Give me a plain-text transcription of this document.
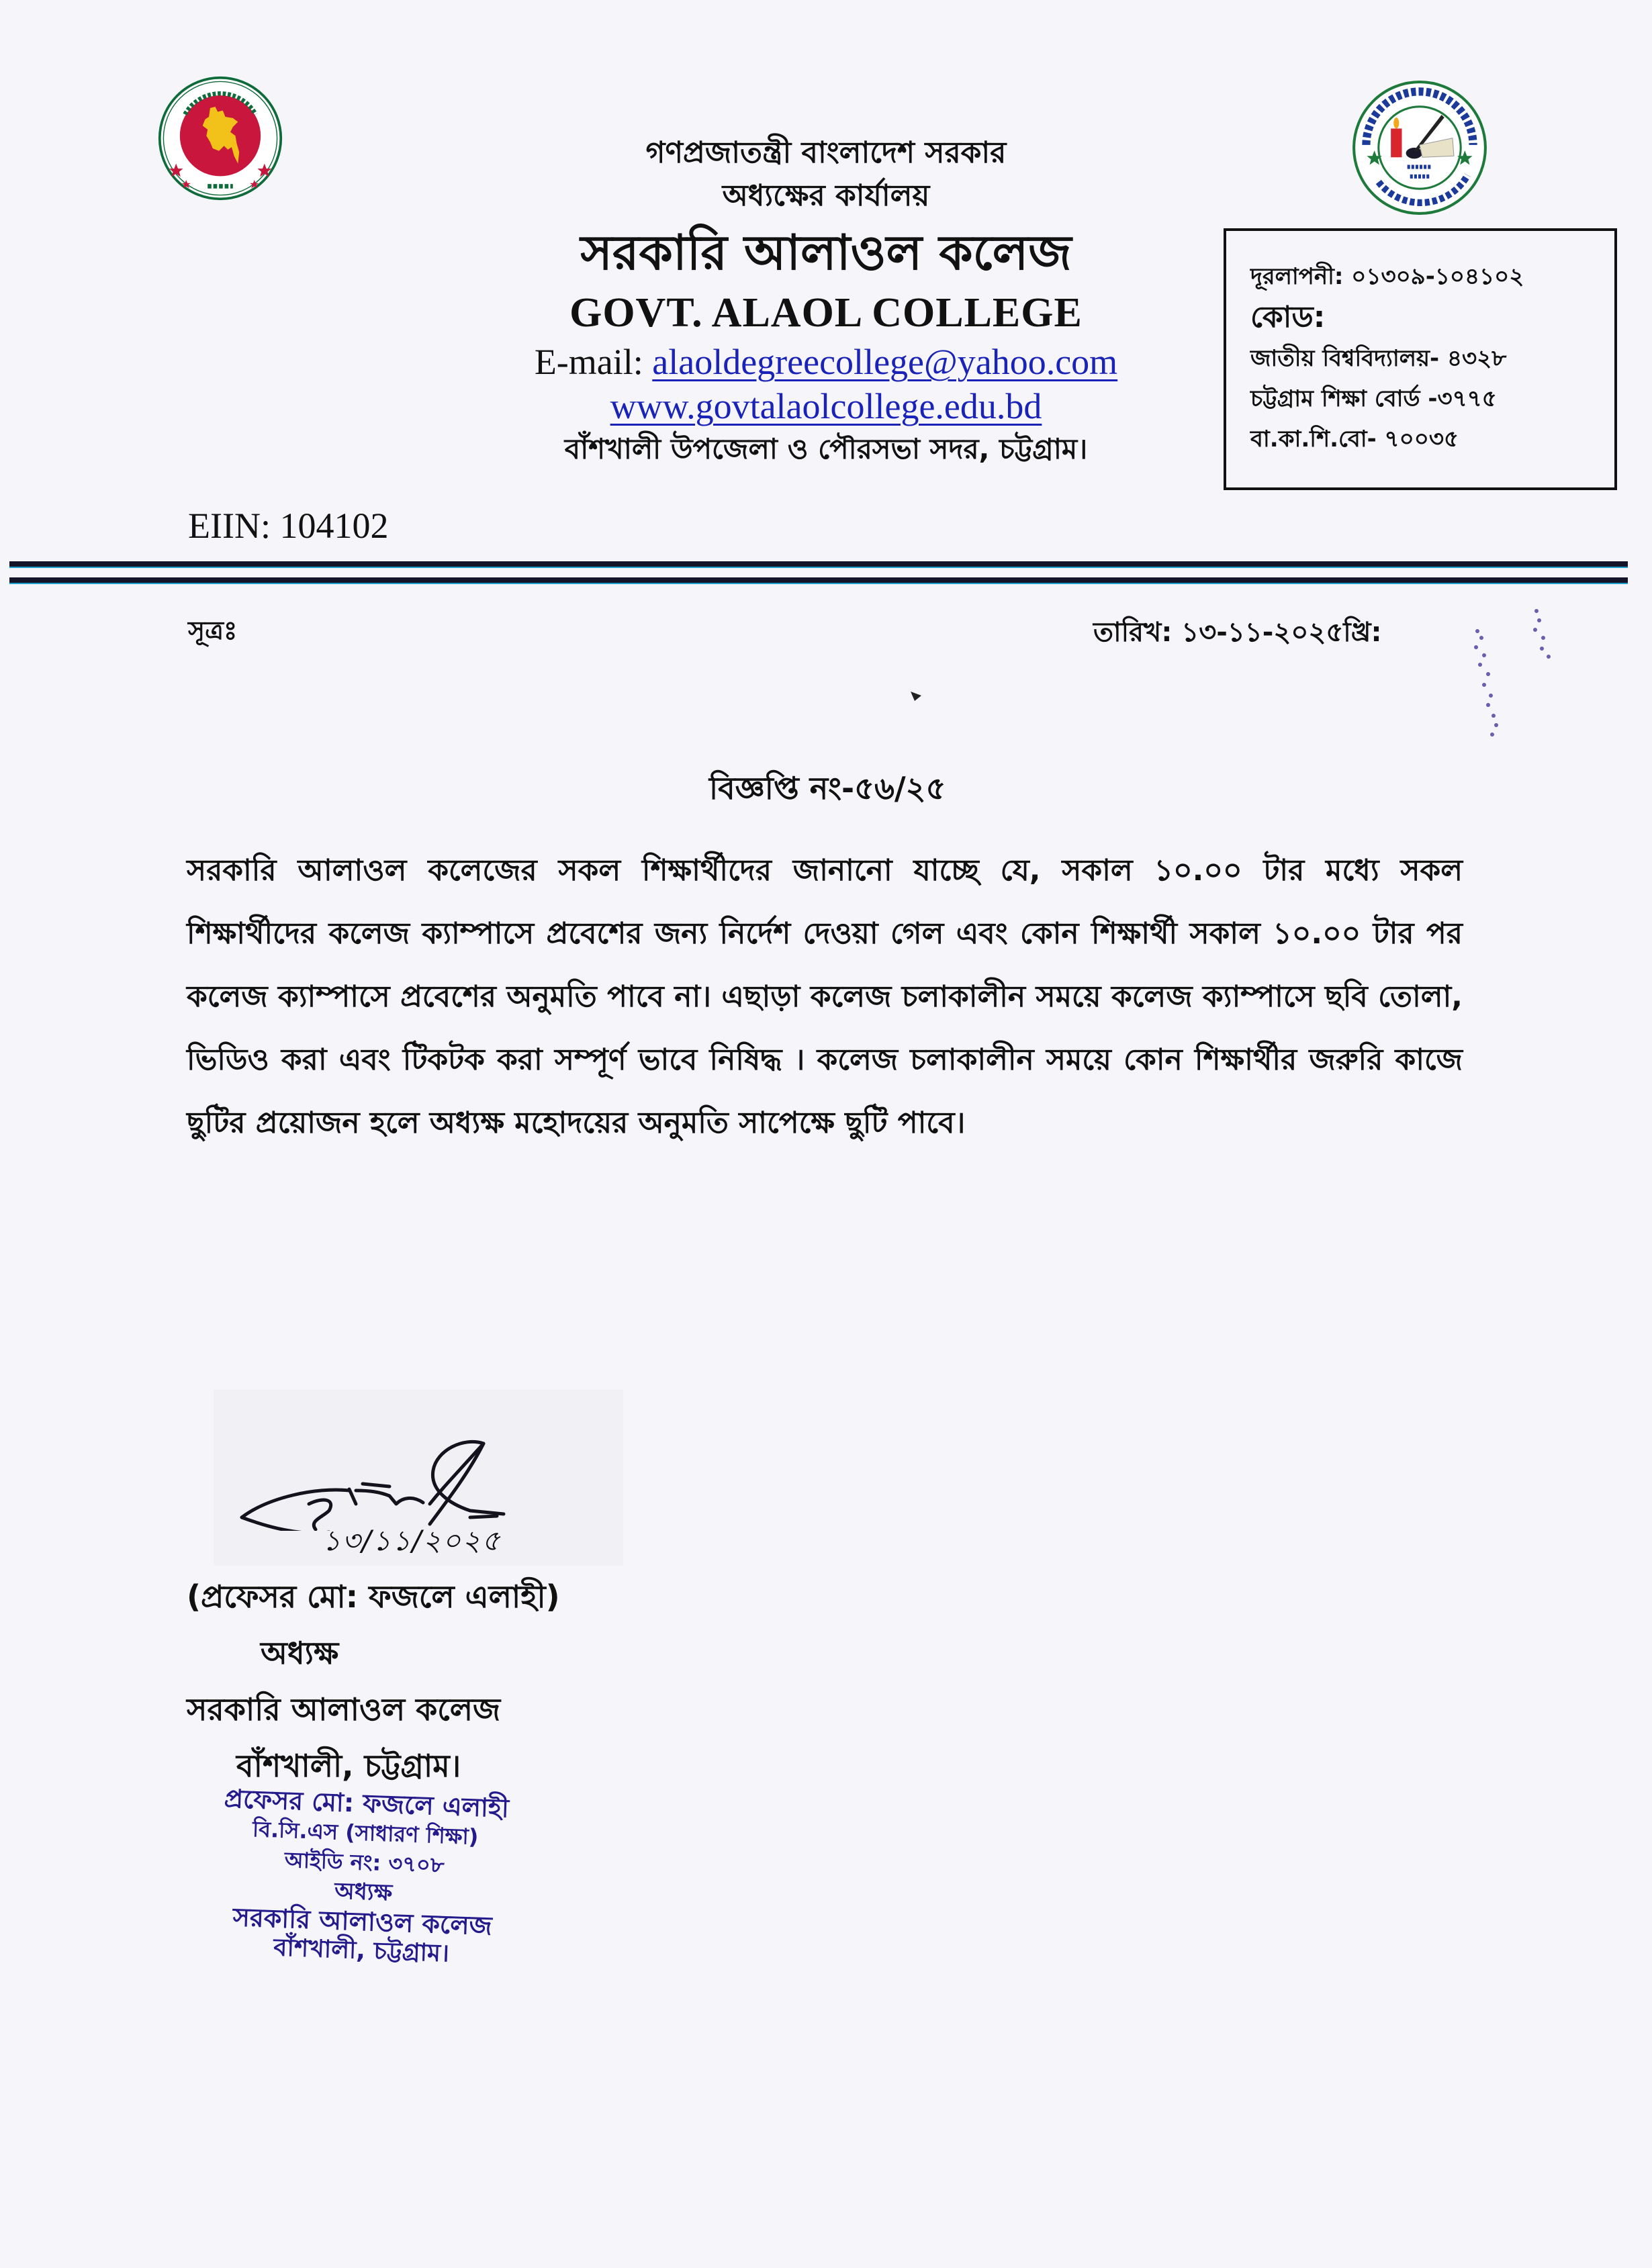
গণপ্রজাতন্ত্রী বাংলাদেশ সরকার
অধ্যক্ষের কার্যালয়
সরকারি আলাওল কলেজ
GOVT. ALAOL COLLEGE
E-mail: alaoldegreecollege@yahoo.com
www.govtalaolcollege.edu.bd
বাঁশখালী উপজেলা ও পৌরসভা সদর, চট্টগ্রাম।
দূরলাপনী: ০১৩০৯-১০৪১০২
কোড:
জাতীয় বিশ্ববিদ্যালয়- ৪৩২৮
চট্টগ্রাম শিক্ষা বোর্ড -৩৭৭৫
বা.কা.শি.বো- ৭০০৩৫
EIIN: 104102
সূত্রঃ	তারিখ: ১৩-১১-২০২৫খ্রি:
বিজ্ঞপ্তি নং-৫৬/২৫
সরকারি আলাওল কলেজের সকল শিক্ষার্থীদের জানানো যাচ্ছে যে, সকাল ১০.০০ টার মধ্যে সকল শিক্ষার্থীদের কলেজ ক্যাম্পাসে প্রবেশের জন্য নির্দেশ দেওয়া গেল এবং কোন শিক্ষার্থী সকাল ১০.০০ টার পর কলেজ ক্যাম্পাসে প্রবেশের অনুমতি পাবে না। এছাড়া কলেজ চলাকালীন সময়ে কলেজ ক্যাম্পাসে ছবি তোলা, ভিডিও করা এবং টিকটক করা সম্পূর্ণ ভাবে নিষিদ্ধ । কলেজ চলাকালীন সময়ে কোন শিক্ষার্থীর জরুরি কাজে ছুটির প্রয়োজন হলে অধ্যক্ষ মহোদয়ের অনুমতি সাপেক্ষে ছুটি পাবে।
১৩/১১/২০২৫
(প্রফেসর মো: ফজলে এলাহী)
অধ্যক্ষ
সরকারি আলাওল কলেজ
বাঁশখালী, চট্টগ্রাম।
প্রফেসর মো: ফজলে এলাহী
বি.সি.এস (সাধারণ শিক্ষা)
আইডি নং: ৩৭০৮
অধ্যক্ষ
সরকারি আলাওল কলেজ
বাঁশখালী, চট্টগ্রাম।
